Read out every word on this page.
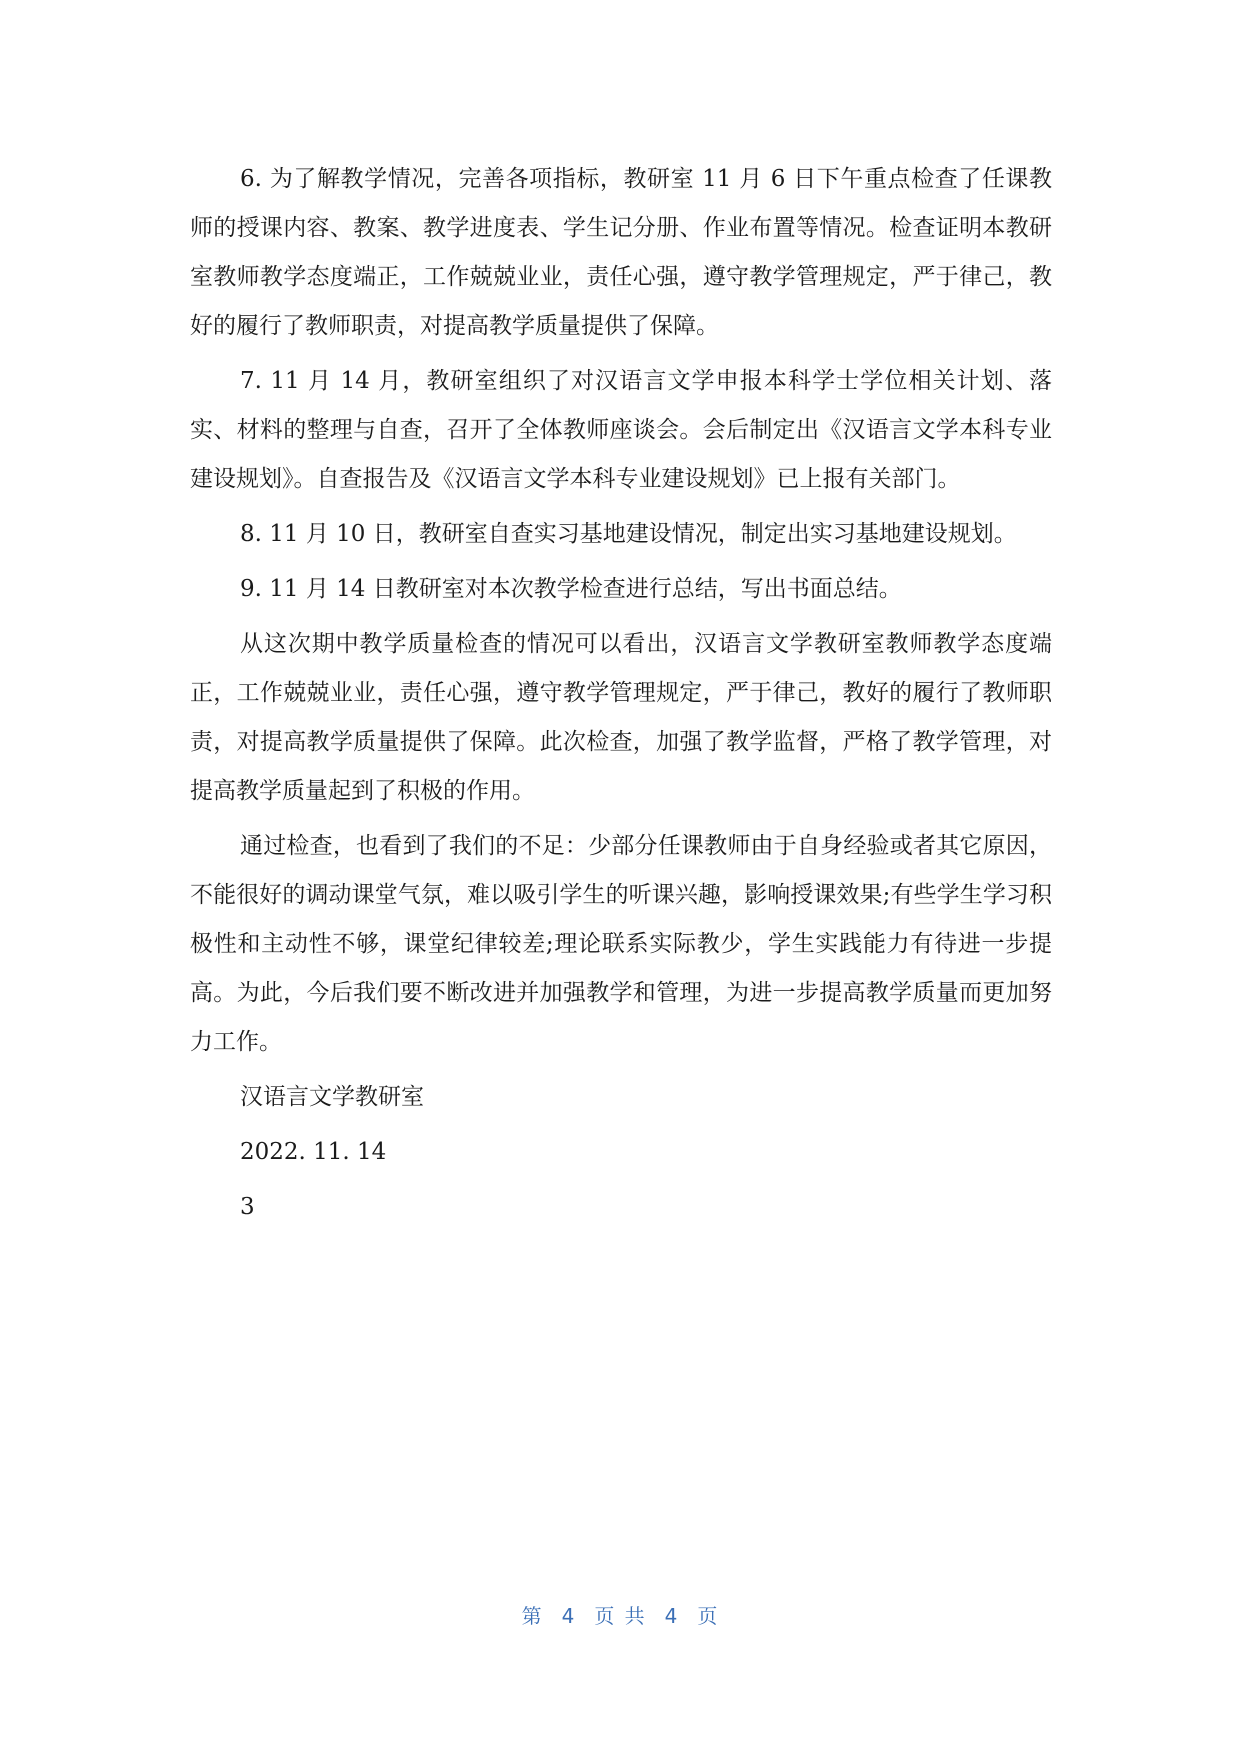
6. 为了解教学情况，完善各项指标，教研室 11 月 6 日下午重点检查了任课教师的授课内容、教案、教学进度表、学生记分册、作业布置等情况。检查证明本教研室教师教学态度端正，工作兢兢业业，责任心强，遵守教学管理规定，严于律己，教好的履行了教师职责，对提高教学质量提供了保障。

7. 11 月 14 月，教研室组织了对汉语言文学申报本科学士学位相关计划、落实、材料的整理与自查，召开了全体教师座谈会。会后制定出《汉语言文学本科专业建设规划》。自查报告及《汉语言文学本科专业建设规划》已上报有关部门。

8. 11 月 10 日，教研室自查实习基地建设情况，制定出实习基地建设规划。

9. 11 月 14 日教研室对本次教学检查进行总结，写出书面总结。

从这次期中教学质量检查的情况可以看出，汉语言文学教研室教师教学态度端正，工作兢兢业业，责任心强，遵守教学管理规定，严于律己，教好的履行了教师职责，对提高教学质量提供了保障。此次检查，加强了教学监督，严格了教学管理，对提高教学质量起到了积极的作用。

通过检查，也看到了我们的不足：少部分任课教师由于自身经验或者其它原因，不能很好的调动课堂气氛，难以吸引学生的听课兴趣，影响授课效果;有些学生学习积极性和主动性不够，课堂纪律较差;理论联系实际教少，学生实践能力有待进一步提高。为此，今后我们要不断改进并加强教学和管理，为进一步提高教学质量而更加努力工作。

汉语言文学教研室

2022. 11. 14

3

第 4 页 共 4 页
